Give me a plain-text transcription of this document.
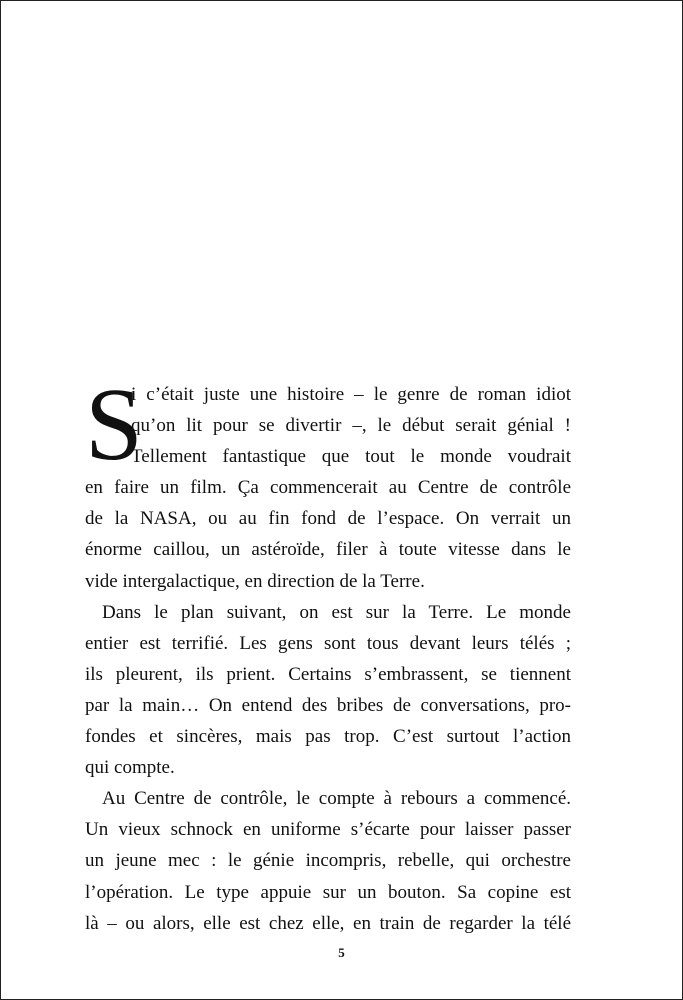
S
i c’était juste une histoire – le genre de roman idiot
qu’on lit pour se divertir –, le début serait génial !
Tellement fantastique que tout le monde voudrait
en faire un film. Ça commencerait au Centre de contrôle
de la NASA, ou au fin fond de l’espace. On verrait un
énorme caillou, un astéroïde, filer à toute vitesse dans le
vide intergalactique, en direction de la Terre.
Dans le plan suivant, on est sur la Terre. Le monde
entier est terrifié. Les gens sont tous devant leurs télés ;
ils pleurent, ils prient. Certains s’embrassent, se tiennent
par la main… On entend des bribes de conversations, pro-
fondes et sincères, mais pas trop. C’est surtout l’action
qui compte.
Au Centre de contrôle, le compte à rebours a commencé.
Un vieux schnock en uniforme s’écarte pour laisser passer
un jeune mec : le génie incompris, rebelle, qui orchestre
l’opération. Le type appuie sur un bouton. Sa copine est
là – ou alors, elle est chez elle, en train de regarder la télé
5
